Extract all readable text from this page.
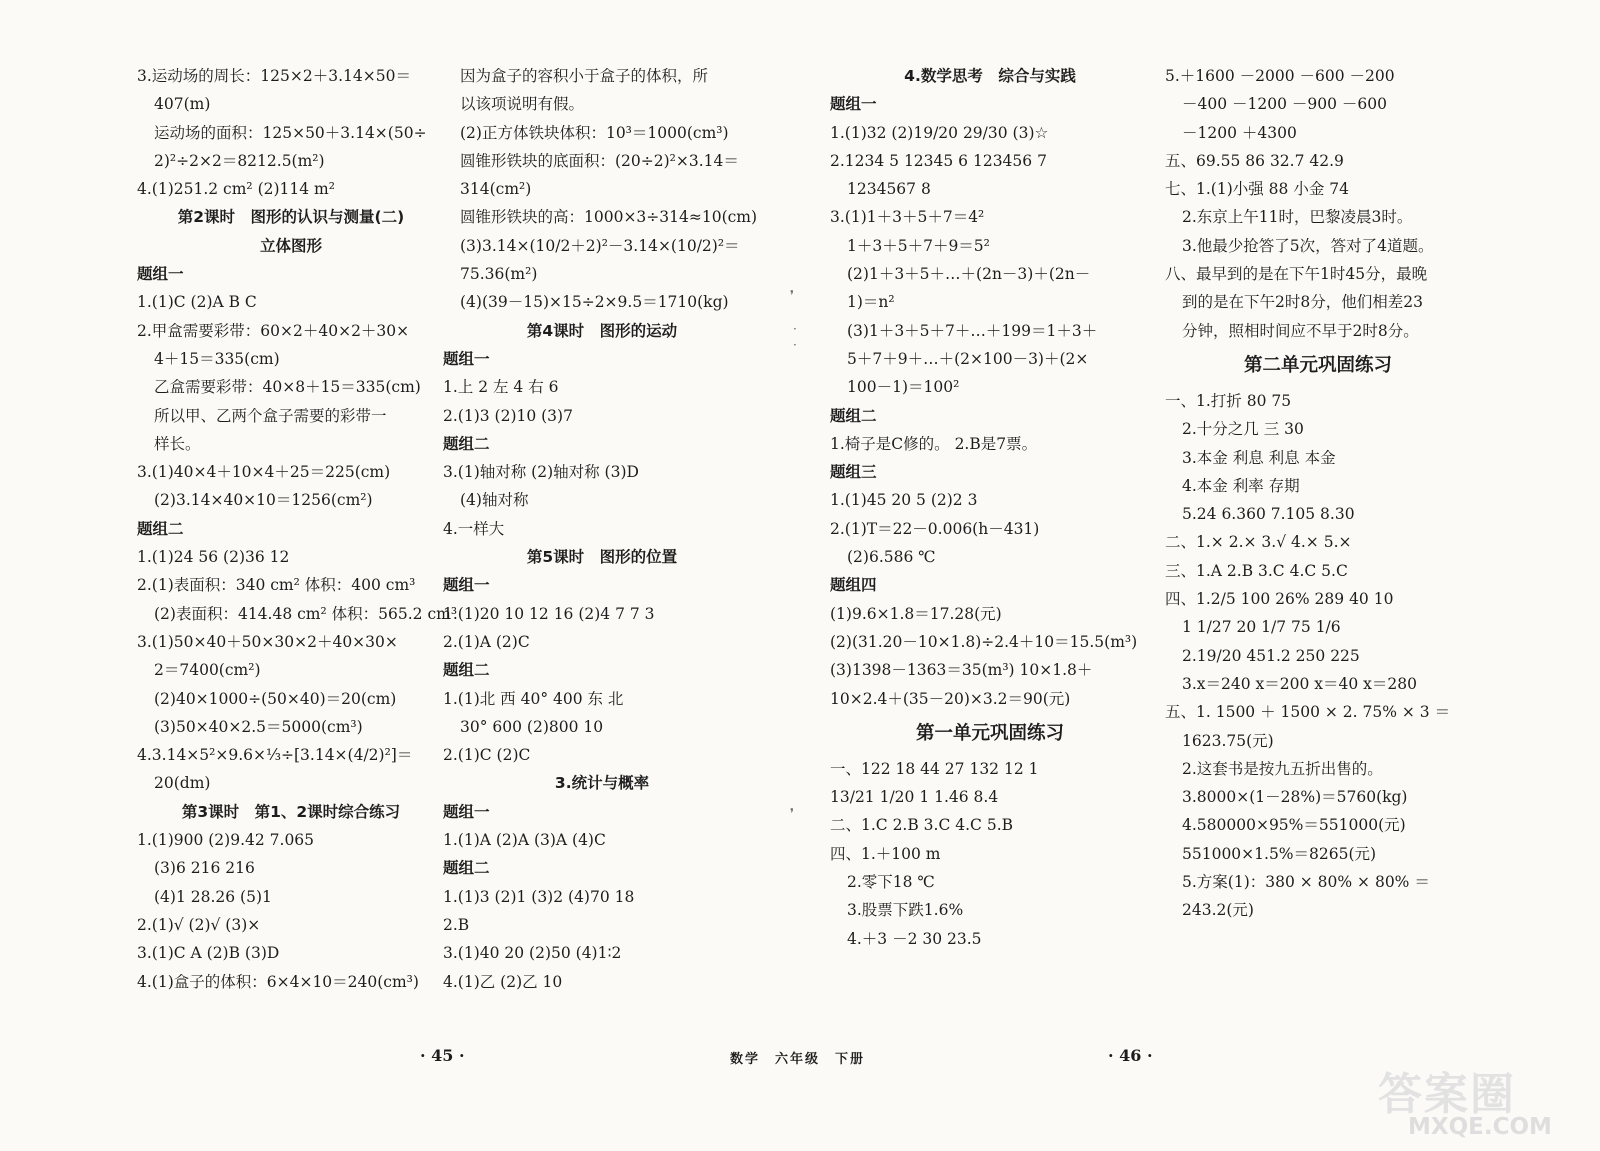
3.运动场的周长：125×2＋3.14×50＝
407(m)
运动场的面积：125×50＋3.14×(50÷
2)²÷2×2＝8212.5(m²)
4.(1)251.2 cm² (2)114 m²
第2课时　图形的认识与测量(二)
立体图形
题组一
1.(1)C (2)A B C
2.甲盒需要彩带：60×2＋40×2＋30×
4＋15＝335(cm)
乙盒需要彩带：40×8＋15＝335(cm)
所以甲、乙两个盒子需要的彩带一
样长。
3.(1)40×4＋10×4＋25＝225(cm)
(2)3.14×40×10＝1256(cm²)
题组二
1.(1)24 56 (2)36 12
2.(1)表面积：340 cm² 体积：400 cm³
(2)表面积：414.48 cm² 体积：565.2 cm³
3.(1)50×40＋50×30×2＋40×30×
2＝7400(cm²)
(2)40×1000÷(50×40)＝20(cm)
(3)50×40×2.5＝5000(cm³)
4.3.14×5²×9.6×⅓÷[3.14×(4/2)²]＝
20(dm)
第3课时　第1、2课时综合练习
1.(1)900 (2)9.42 7.065
(3)6 216 216
(4)1 28.26 (5)1
2.(1)√ (2)√ (3)×
3.(1)C A (2)B (3)D
4.(1)盒子的体积：6×4×10＝240(cm³)
因为盒子的容积小于盒子的体积，所
以该项说明有假。
(2)正方体铁块体积：10³＝1000(cm³)
圆锥形铁块的底面积：(20÷2)²×3.14＝
314(cm²)
圆锥形铁块的高：1000×3÷314≈10(cm)
(3)3.14×(10/2＋2)²－3.14×(10/2)²＝
75.36(m²)
(4)(39－15)×15÷2×9.5＝1710(kg)
第4课时　图形的运动
题组一
1.上 2 左 4 右 6
2.(1)3 (2)10 (3)7
题组二
3.(1)轴对称 (2)轴对称 (3)D
(4)轴对称
4.一样大
第5课时　图形的位置
题组一
1.(1)20 10 12 16 (2)4 7 7 3
2.(1)A (2)C
题组二
1.(1)北 西 40° 400 东 北
30° 600 (2)800 10
2.(1)C (2)C
3.统计与概率
题组一
1.(1)A (2)A (3)A (4)C
题组二
1.(1)3 (2)1 (3)2 (4)70 18
2.B
3.(1)40 20 (2)50 (4)1∶2
4.(1)乙 (2)乙 10
4.数学思考　综合与实践
题组一
1.(1)32 (2)19/20 29/30 (3)☆
2.1234 5 12345 6 123456 7
1234567 8
3.(1)1＋3＋5＋7＝4²
1＋3＋5＋7＋9＝5²
(2)1＋3＋5＋…＋(2n－3)＋(2n－
1)＝n²
(3)1＋3＋5＋7＋…＋199＝1＋3＋
5＋7＋9＋…＋(2×100－3)＋(2×
100－1)＝100²
题组二
1.椅子是C修的。 2.B是7票。
题组三
1.(1)45 20 5 (2)2 3
2.(1)T＝22－0.006(h－431)
(2)6.586 ℃
题组四
(1)9.6×1.8＝17.28(元)
(2)(31.20－10×1.8)÷2.4＋10＝15.5(m³)
(3)1398－1363＝35(m³) 10×1.8＋
10×2.4＋(35－20)×3.2＝90(元)
第一单元巩固练习
一、122 18 44 27 132 12 1
13/21 1/20 1 1.46 8.4
二、1.C 2.B 3.C 4.C 5.B
四、1.＋100 m
2.零下18 ℃
3.股票下跌1.6%
4.＋3 －2 30 23.5
5.＋1600 －2000 －600 －200
－400 －1200 －900 －600
－1200 ＋4300
五、69.55 86 32.7 42.9
七、1.(1)小强 88 小金 74
2.东京上午11时，巴黎凌晨3时。
3.他最少抢答了5次，答对了4道题。
八、最早到的是在下午1时45分，最晚
到的是在下午2时8分，他们相差23
分钟，照相时间应不早于2时8分。
第二单元巩固练习
一、1.打折 80 75
2.十分之几 三 30
3.本金 利息 利息 本金
4.本金 利率 存期
5.24 6.360 7.105 8.30
二、1.× 2.× 3.√ 4.× 5.×
三、1.A 2.B 3.C 4.C 5.C
四、1.2/5 100 26% 289 40 10
1 1/27 20 1/7 75 1/6
2.19/20 451.2 250 225
3.x＝240 x＝200 x＝40 x＝280
五、1. 1500 ＋ 1500 × 2. 75% × 3 ＝
1623.75(元)
2.这套书是按九五折出售的。
3.8000×(1－28%)＝5760(kg)
4.580000×95%＝551000(元)
551000×1.5%＝8265(元)
5.方案(1)：380 × 80% × 80% ＝
243.2(元)
❜
·
·
❜
· 45 ·	数学　六年级　下册	· 46 ·
答案圈
MXQE.COM
